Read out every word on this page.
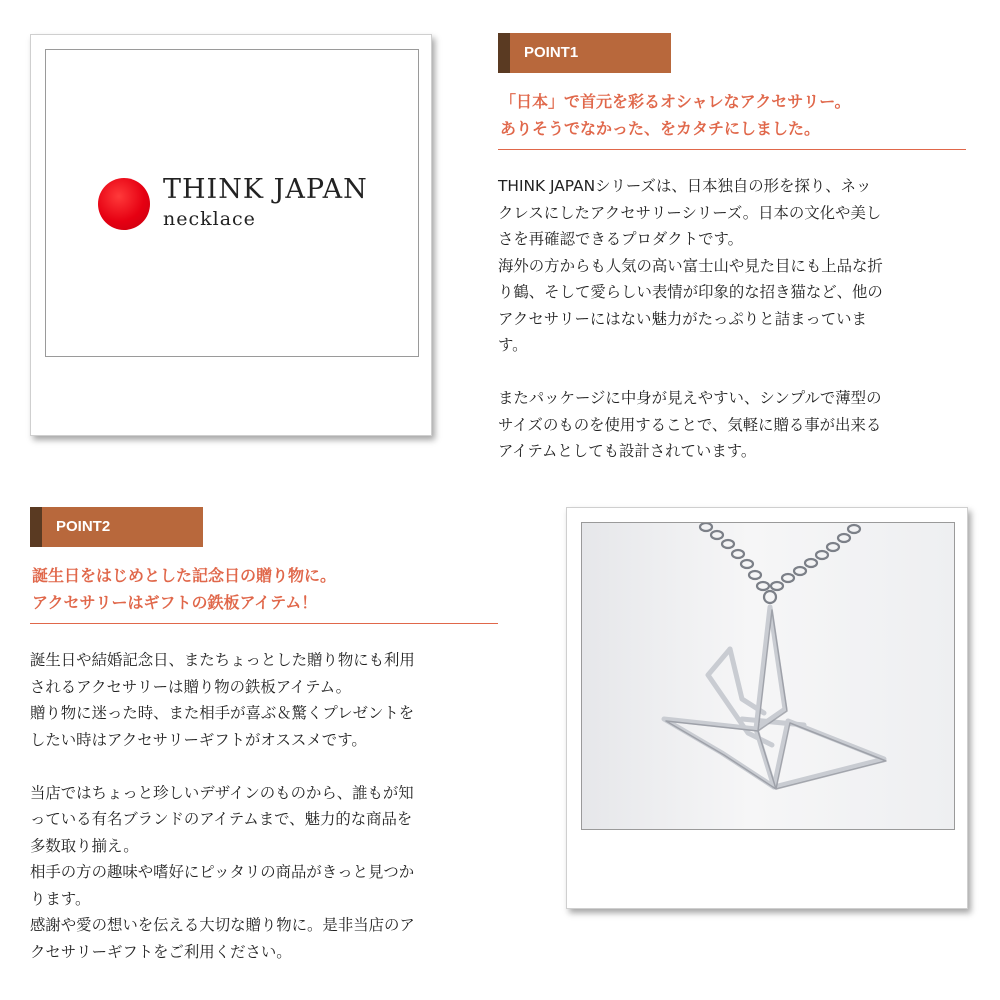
THINK JAPAN
necklace
POINT1
「日本」で首元を彩るオシャレなアクセサリー。
ありそうでなかった、をカタチにしました。
THINK JAPANシリーズは、日本独自の形を探り、ネッ
クレスにしたアクセサリーシリーズ。日本の文化や美し
さを再確認できるプロダクトです。
海外の方からも人気の高い富士山や見た目にも上品な折
り鶴、そして愛らしい表情が印象的な招き猫など、他の
アクセサリーにはない魅力がたっぷりと詰まっていま
す。
またパッケージに中身が見えやすい、シンプルで薄型の
サイズのものを使用することで、気軽に贈る事が出来る
アイテムとしても設計されています。
POINT2
誕生日をはじめとした記念日の贈り物に。
アクセサリーはギフトの鉄板アイテム！
誕生日や結婚記念日、またちょっとした贈り物にも利用
されるアクセサリーは贈り物の鉄板アイテム。
贈り物に迷った時、また相手が喜ぶ＆驚くプレゼントを
したい時はアクセサリーギフトがオススメです。
当店ではちょっと珍しいデザインのものから、誰もが知
っている有名ブランドのアイテムまで、魅力的な商品を
多数取り揃え。
相手の方の趣味や嗜好にピッタリの商品がきっと見つか
ります。
感謝や愛の想いを伝える大切な贈り物に。是非当店のア
クセサリーギフトをご利用ください。
